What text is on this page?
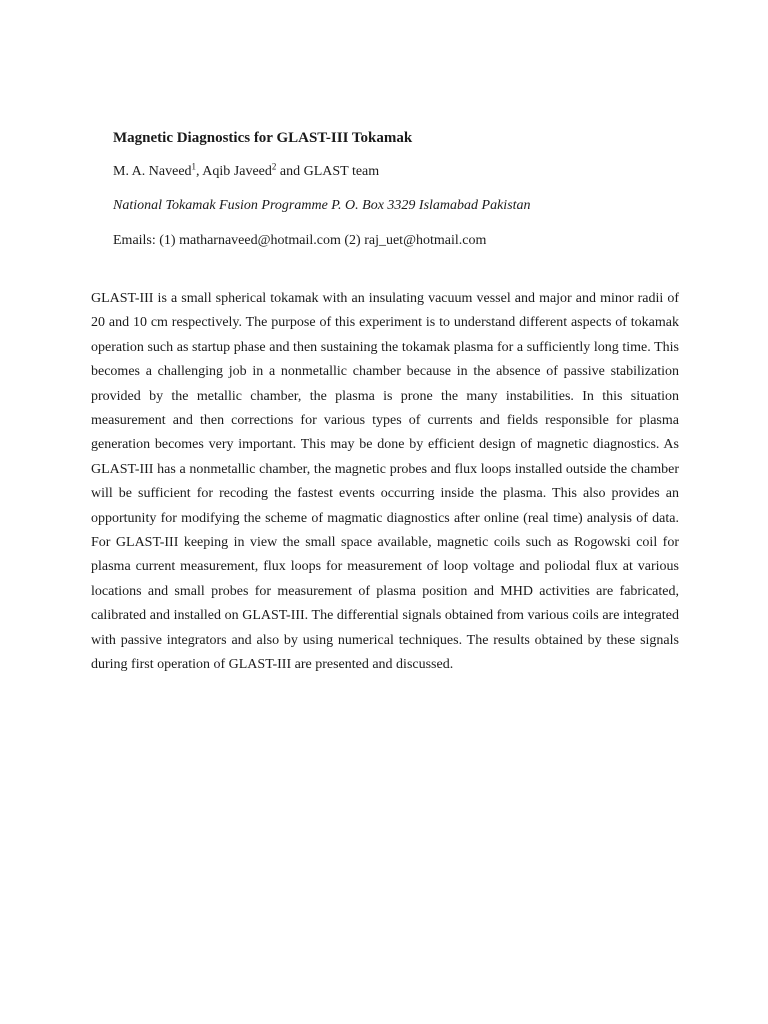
Magnetic Diagnostics for GLAST-III Tokamak
M. A. Naveed$^1$, Aqib Javeed$^2$ and GLAST team
National Tokamak Fusion Programme P. O. Box 3329 Islamabad Pakistan
Emails: (1) matharnaveed@hotmail.com (2) raj_uet@hotmail.com

GLAST-III is a small spherical tokamak with an insulating vacuum vessel and major and minor radii of 20 and 10 cm respectively. The purpose of this experiment is to understand different aspects of tokamak operation such as startup phase and then sustaining the tokamak plasma for a sufficiently long time. This becomes a challenging job in a nonmetallic chamber because in the absence of passive stabilization provided by the metallic chamber, the plasma is prone the many instabilities. In this situation measurement and then corrections for various types of currents and fields responsible for plasma generation becomes very important. This may be done by efficient design of magnetic diagnostics. As GLAST-III has a nonmetallic chamber, the magnetic probes and flux loops installed outside the chamber will be sufficient for recoding the fastest events occurring inside the plasma. This also provides an opportunity for modifying the scheme of magmatic diagnostics after online (real time) analysis of data. For GLAST-III keeping in view the small space available, magnetic coils such as Rogowski coil for plasma current measurement, flux loops for measurement of loop voltage and poliodal flux at various locations and small probes for measurement of plasma position and MHD activities are fabricated, calibrated and installed on GLAST-III. The differential signals obtained from various coils are integrated with passive integrators and also by using numerical techniques. The results obtained by these signals during first operation of GLAST-III are presented and discussed.
